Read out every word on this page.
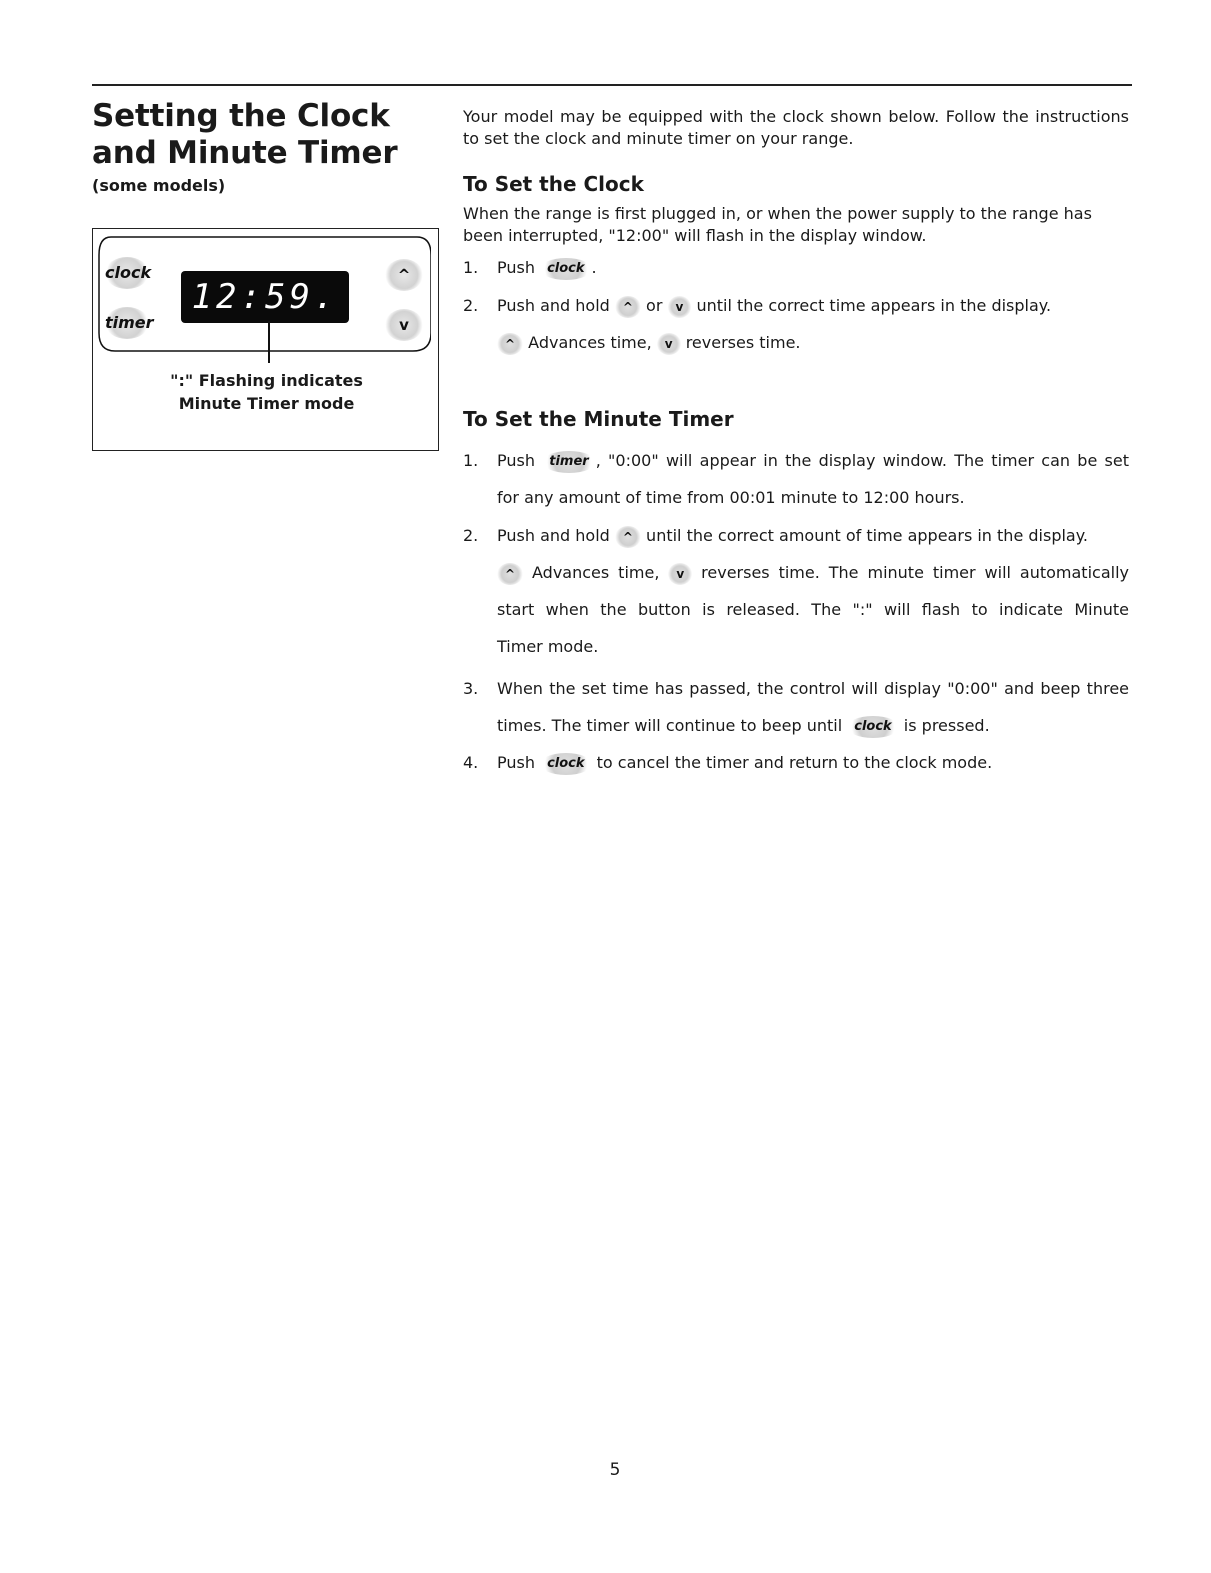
Setting the Clock and Minute Timer
(some models)
clock
timer
12:59.
^
v
":" Flashing indicates
Minute Timer mode
Your model may be equipped with the clock shown below. Follow the instructions to set the clock and minute timer on your range.
To Set the Clock
When the range is first plugged in, or when the power supply to the range has been interrupted, "12:00" will flash in the display window.
1. Push clock .
2. Push and hold ^ or v until the correct time appears in the display.
^ Advances time, v reverses time.
To Set the Minute Timer
1. Push timer , "0:00" will appear in the display window. The timer can be set
for any amount of time from 00:01 minute to 12:00 hours.
2. Push and hold ^ until the correct amount of time appears in the display.
^ Advances time, v reverses time. The minute timer will automatically
start when the button is released. The ":" will flash to indicate Minute
Timer mode.
3. When the set time has passed, the control will display "0:00" and beep three
times. The timer will continue to beep until clock is pressed.
4. Push clock to cancel the timer and return to the clock mode.
5
